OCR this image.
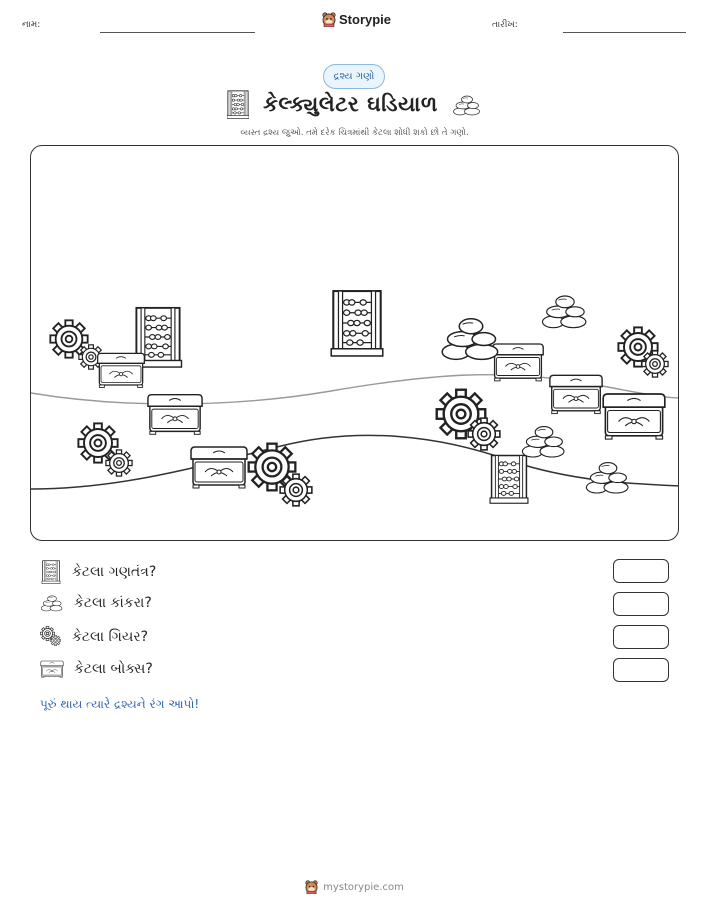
નામ:	Storypie	તારીખ:
દ્રશ્ય ગણો
કેલ્ક્યુલેટર ઘડિયાળ
વ્યસ્ત દ્રશ્ય જુઓ. તમે દરેક ચિત્રમાંથી કેટલા શોધી શકો છો તે ગણો.
કેટલા ગણતંત્ર?
કેટલા કાંકરા?
કેટલા ગિયર?
કેટલા બોક્સ?
પૂરું થાય ત્યારે દ્રશ્યને રંગ આપો!
mystorypie.com
